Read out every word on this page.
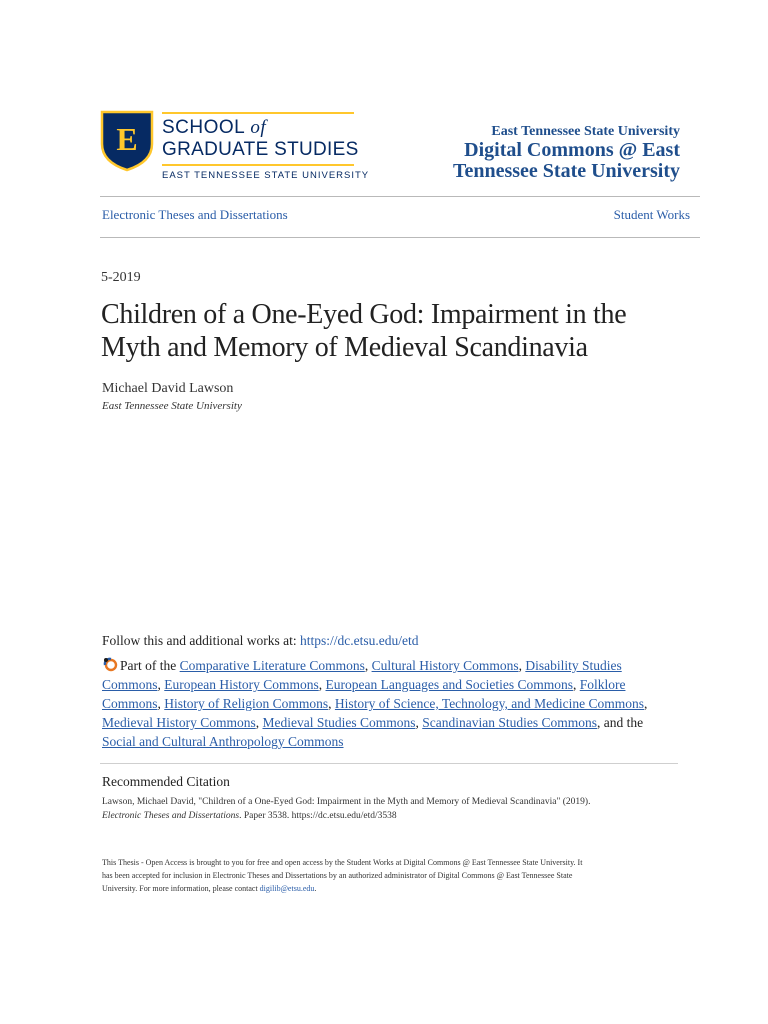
E SCHOOL of
GRADUATE STUDIES
EAST TENNESSEE STATE UNIVERSITY
East Tennessee State University
Digital Commons @ East
Tennessee State University
Electronic Theses and Dissertations	Student Works
5-2019
Children of a One-Eyed God: Impairment in the
Myth and Memory of Medieval Scandinavia
Michael David Lawson
East Tennessee State University
Follow this and additional works at: https://dc.etsu.edu/etd
Part of the Comparative Literature Commons, Cultural History Commons, Disability Studies Commons, European History Commons, European Languages and Societies Commons, Folklore Commons, History of Religion Commons, History of Science, Technology, and Medicine Commons, Medieval History Commons, Medieval Studies Commons, Scandinavian Studies Commons, and the Social and Cultural Anthropology Commons
Recommended Citation
Lawson, Michael David, "Children of a One-Eyed God: Impairment in the Myth and Memory of Medieval Scandinavia" (2019).
Electronic Theses and Dissertations. Paper 3538. https://dc.etsu.edu/etd/3538
This Thesis - Open Access is brought to you for free and open access by the Student Works at Digital Commons @ East Tennessee State University. It
has been accepted for inclusion in Electronic Theses and Dissertations by an authorized administrator of Digital Commons @ East Tennessee State
University. For more information, please contact digilib@etsu.edu.
